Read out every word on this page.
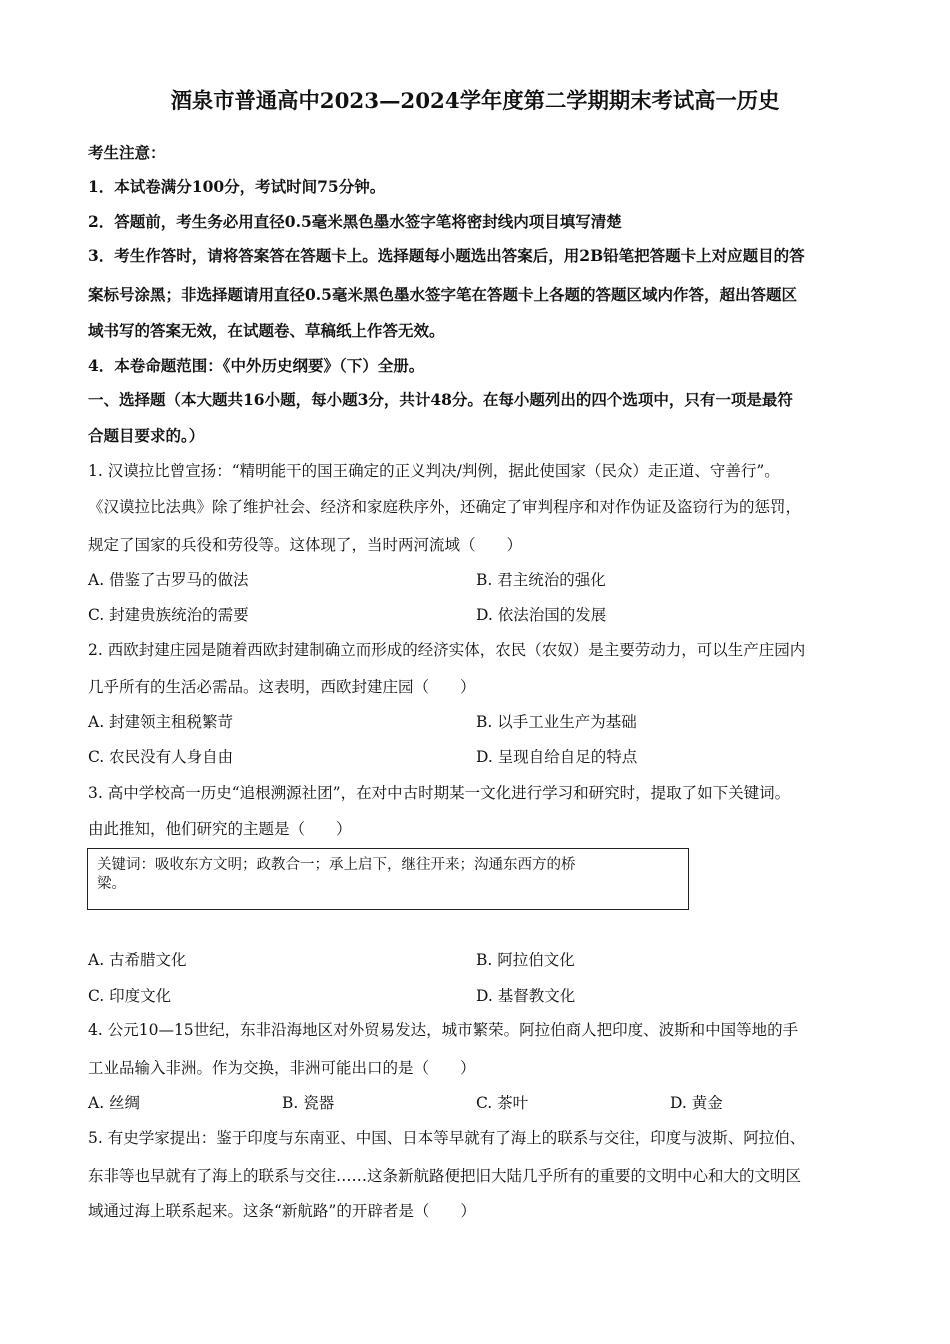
酒泉市普通高中2023—2024学年度第二学期期末考试高一历史
考生注意：
1．本试卷满分100分，考试时间75分钟。
2．答题前，考生务必用直径0.5毫米黑色墨水签字笔将密封线内项目填写清楚
3．考生作答时，请将答案答在答题卡上。选择题每小题选出答案后，用2B铅笔把答题卡上对应题目的答
案标号涂黑；非选择题请用直径0.5毫米黑色墨水签字笔在答题卡上各题的答题区域内作答，超出答题区
域书写的答案无效，在试题卷、草稿纸上作答无效。
4．本卷命题范围：《中外历史纲要》（下）全册。
一、选择题（本大题共16小题，每小题3分，共计48分。在每小题列出的四个选项中，只有一项是最符
合题目要求的。）
1. 汉谟拉比曾宣扬：“精明能干的国王确定的正义判决/判例，据此使国家（民众）走正道、守善行”。
《汉谟拉比法典》除了维护社会、经济和家庭秩序外，还确定了审判程序和对作伪证及盗窃行为的惩罚，
规定了国家的兵役和劳役等。这体现了，当时两河流域（　　）
A. 借鉴了古罗马的做法	B. 君主统治的强化
C. 封建贵族统治的需要	D. 依法治国的发展
2. 西欧封建庄园是随着西欧封建制确立而形成的经济实体，农民（农奴）是主要劳动力，可以生产庄园内
几乎所有的生活必需品。这表明，西欧封建庄园（　　）
A. 封建领主租税繁苛	B. 以手工业生产为基础
C. 农民没有人身自由	D. 呈现自给自足的特点
3. 高中学校高一历史“追根溯源社团”，在对中古时期某一文化进行学习和研究时，提取了如下关键词。
由此推知，他们研究的主题是（　　）
关键词：吸收东方文明；政教合一；承上启下，继往开来；沟通东西方的桥
梁。
A. 古希腊文化	B. 阿拉伯文化
C. 印度文化	D. 基督教文化
4. 公元10—15世纪，东非沿海地区对外贸易发达，城市繁荣。阿拉伯商人把印度、波斯和中国等地的手
工业品输入非洲。作为交换，非洲可能出口的是（　　）
A. 丝绸	B. 瓷器	C. 茶叶	D. 黄金
5. 有史学家提出：鉴于印度与东南亚、中国、日本等早就有了海上的联系与交往，印度与波斯、阿拉伯、
东非等也早就有了海上的联系与交往……这条新航路便把旧大陆几乎所有的重要的文明中心和大的文明区
域通过海上联系起来。这条“新航路”的开辟者是（　　）
